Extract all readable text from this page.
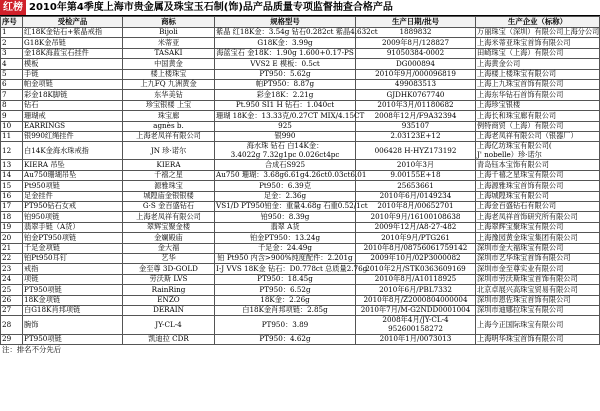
红榜 2010年第4季度上海市贵金属及珠宝玉石制(饰)品产品质量专项监督抽查合格产品
序号	受检产品	商标	规格型号	生产日期/批号	生产企业（标称）
1	红18K金钻石+紫晶戒指	Bijoli	紫晶 红18K金：3.54g 钻石0.282ct 紫晶4.632ct	1889832	万丽珠宝（深圳）有限公司上海分公司
2	G18K金吊链	米蒂亚	G18K金：3.99g	2009年8月/128827	上海米蒂亚珠宝首饰有限公司
3	金18K海蓝宝石挂件	TASAKI	海蓝宝石 金18K：1.90g 1.600+0.17-PS	91050384-0002	田崎珠宝（上海）有限公司
4	模板	中国黄金	VVS2 E 模板：0.5ct	DG000894	上海黄金公司
5	手链	楼上楼珠宝	PT950：5.62g	2010年9月/000096819	上海楼上楼珠宝有限公司
6	帕金项链	上九FQ 九洲黄金	帕PT950：8.87g	499083513	上海上九珠宝首饰有限公司
7	彩金18K脚链	东华美钻	彩金18K：2.21g	GJDHK0767740	上海东华钻石首饰有限公司
8	钻石	珍宝银楼 上宝	Pt.950 SI1 H 钻石：1.040ct	2010年3月/01180682	上海珍宝银楼
9	珊瑚戒	珠宝廊	珊瑚 18K金：13.33克/0.27CT MIX/4.15CT	2008年12月/F9A32394	上海长和珠宝廊有限公司
10	EARRINGS	agnès b.	925	935107	例特商贸（上海）有限公司
11	银990红绳挂件	上海老凤祥有限公司	银990	2.03123E+12	上海老凤祥有限公司（银器厂）
12	白14K金海水珠戒指	JN 珍·诺尔	海水珠 钻石 白14K金：
3.4022g 7.32g1pc 0.026ct4pc	006428 H-HYZ173192	上海亿坊珠宝有限公司(
J' nobelle）珍·诺尔

13	KIERA 吊坠	KIERA	合成石S925	2010年3月	青岛钰本宝饰有限公司
14	Au750珊瑚吊坠	千禧之星	Au750 珊瑚：3.68g6.61g4.26ct0.03ct6.01	9.00155E+18	上海千禧之星珠宝有限公司
15	Pt950项链	源雅珠宝	Pt950：6.39克	25653661	上海源雅珠宝首饰有限公司
16	足金挂件	城隍庙金银银楼	足金：2.36g	2010年6月/0149234	上海城隍珠宝有限公司
17	PT950钻石女戒	G·S 金百盛钻石	VS1/D PT950铂金：重量4.68g 石重0.52/1ct	2010年8月/00652701	上海金百盛钻石有限公司
18	铂950项链	上海老凤祥有限公司	铂950：8.39g	2010年9月/16100108638	上海老凤祥首饰研究所有限公司
19	翡翠手链（A货）	翠辉宝聚金楼	翡翠 A货	2009年12月/A8-27-482	上海翠辉宝聚珠宝有限公司
20	铂金PT950项链	金斓殿庙	铂金PT950：13.24g	2010年9月/PTG261	上海豫园黄金珠宝集团有限公司
21	千足金项链	金大福	千足金：24.49g	2010年8月/08756061759142	深圳市金大福珠宝有限公司
22	铂Pt950耳钉	艺华	铂 Pt950 内含>900%纯度配件：2.201g	2009年10月/02P3000082	深圳市艺华珠宝首饰有限公司
23	戒指	金至尊 3D-GOLD	I-J VVS 18K金 钻石：D0.778ct 总质量2.76g	2010年2月/STK0363609169	深圳市金至尊实业有限公司
24	项链	劳沃斯 LVS	PT950：18.45g	2010年8月/A10118925	深圳市劳沃斯珠宝首饰有限公司
25	PT950项链	RainRing	PT950：6.52g	2010年6月/PBL7332	北京卓展兴高珠宝贸易有限公司
26	18K金项链	ENZO	18K金：2.26g	2010年8月/Z2000804000004	深圳市恩佐珠宝首饰有限公司
27	白G18K肖邦项链	DERAIN	白18K金肖邦项链：2.85g	2010年7月/M-G2NDD0001004	深圳市迪娜拉珠宝有限公司
28	腕饰	JY-CL-4	PT950：3.89	2008年4月/JY-CL-4
952600158272	上海今正国际珠宝有限公司
29	PT950项链	凯迪拉 CDR	PT950：4.62g	2010年1月/0073013	上海明华珠宝首饰有限公司
注：排名不分先后
